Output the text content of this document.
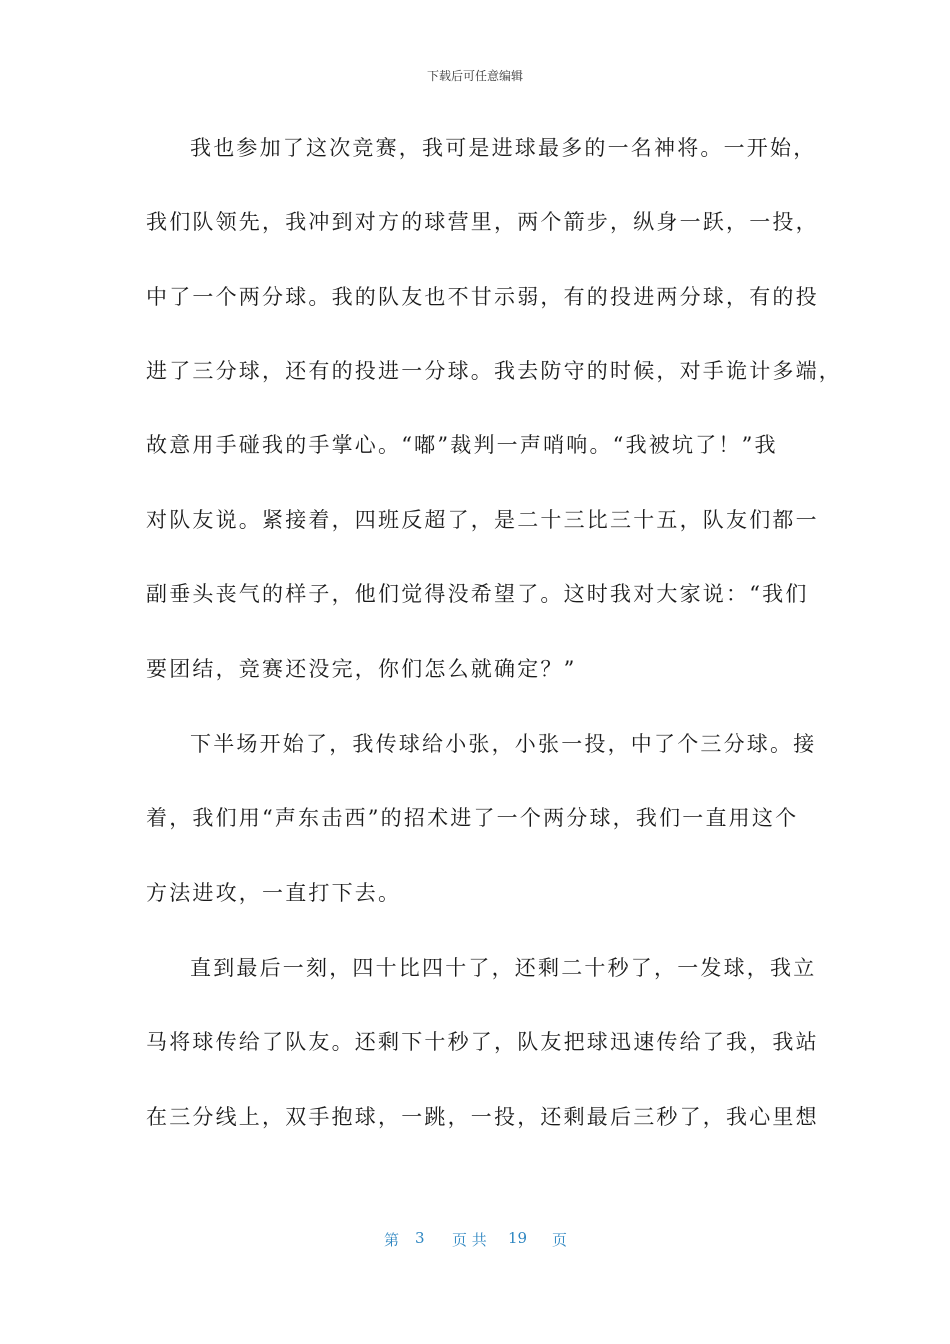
下载后可任意编辑
我也参加了这次竞赛，我可是进球最多的一名神将。一开始，
我们队领先，我冲到对方的球营里，两个箭步，纵身一跃，一投，
中了一个两分球。我的队友也不甘示弱，有的投进两分球，有的投
进了三分球，还有的投进一分球。我去防守的时候，对手诡计多端，
故意用手碰我的手掌心。“嘟”裁判一声哨响。“我被坑了！”我
对队友说。紧接着，四班反超了，是二十三比三十五，队友们都一
副垂头丧气的样子，他们觉得没希望了。这时我对大家说：“我们
要团结，竞赛还没完，你们怎么就确定？”
下半场开始了，我传球给小张，小张一投，中了个三分球。接
着，我们用“声东击西”的招术进了一个两分球，我们一直用这个
方法进攻，一直打下去。
直到最后一刻，四十比四十了，还剩二十秒了，一发球，我立
马将球传给了队友。还剩下十秒了，队友把球迅速传给了我，我站
在三分线上，双手抱球，一跳，一投，还剩最后三秒了，我心里想
第 3 页 共 19 页
